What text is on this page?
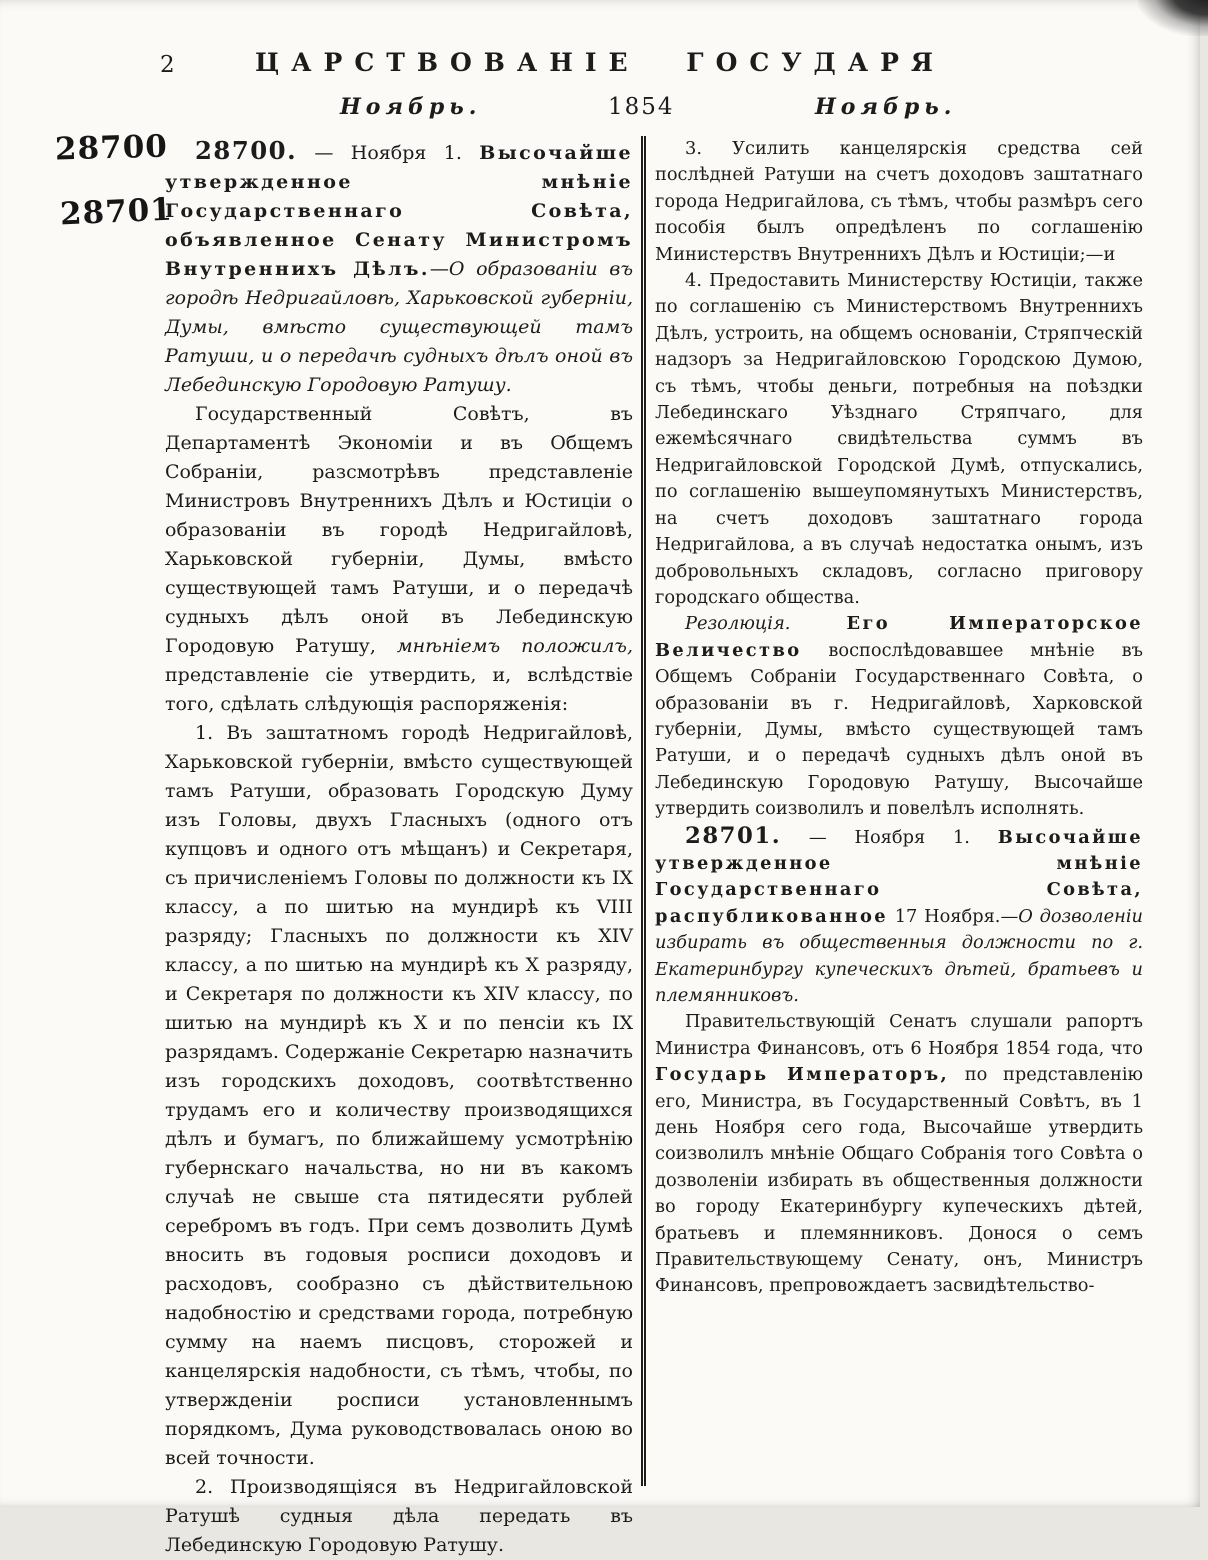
2	ЦАРСТВОВАНІЕ ГОСУДАРЯ
Ноябрь.	1854	Ноябрь.
28700
28701

28700. — Ноября 1. Высочайше утвержденное мнѣніе Государственнаго Совѣта, объявленное Сенату Министромъ Внутреннихъ Дѣлъ.—О образованіи въ городѣ Недригайловѣ, Харьковской губерніи, Думы, вмѣсто существующей тамъ Ратуши, и о передачѣ судныхъ дѣлъ оной въ Лебединскую Городовую Ратушу.

Государственный Совѣтъ, въ Департаментѣ Экономіи и въ Общемъ Собраніи, разсмотрѣвъ представленіе Министровъ Внутреннихъ Дѣлъ и Юстиціи о образованіи въ городѣ Недригайловѣ, Харьковской губерніи, Думы, вмѣсто существующей тамъ Ратуши, и о передачѣ судныхъ дѣлъ оной въ Лебединскую Городовую Ратушу, мнѣніемъ положилъ, представленіе сіе утвердить, и, вслѣдствіе того, сдѣлать слѣдующія распоряженія:

1. Въ заштатномъ городѣ Недригайловѣ, Харьковской губерніи, вмѣсто существующей тамъ Ратуши, образовать Городскую Думу изъ Головы, двухъ Гласныхъ (одного отъ купцовъ и одного отъ мѣщанъ) и Секретаря, съ причисленіемъ Головы по должности къ IX классу, а по шитью на мундирѣ къ VIII разряду; Гласныхъ по должности къ XIV классу, а по шитью на мундирѣ къ X разряду, и Секретаря по должности къ XIV классу, по шитью на мундирѣ къ X и по пенсіи къ IX разрядамъ. Содержаніе Секретарю назначить изъ городскихъ доходовъ, соотвѣтственно трудамъ его и количеству производящихся дѣлъ и бумагъ, по ближайшему усмотрѣнію губернскаго начальства, но ни въ какомъ случаѣ не свыше ста пятидесяти рублей серебромъ въ годъ. При семъ дозволить Думѣ вносить въ годовыя росписи доходовъ и расходовъ, сообразно съ дѣйствительною надобностію и средствами города, потребную сумму на наемъ писцовъ, сторожей и канцелярскія надобности, съ тѣмъ, чтобы, по утвержденіи росписи установленнымъ порядкомъ, Дума руководствовалась оною во всей точности.

2. Производящіяся въ Недригайловской Ратушѣ судныя дѣла передать въ Лебединскую Городовую Ратушу.

3. Усилить канцелярскія средства сей послѣдней Ратуши на счетъ доходовъ заштатнаго города Недригайлова, съ тѣмъ, чтобы размѣръ сего пособія былъ опредѣленъ по соглашенію Министерствъ Внутреннихъ Дѣлъ и Юстиціи;—и

4. Предоставить Министерству Юстиціи, также по соглашенію съ Министерствомъ Внутреннихъ Дѣлъ, устроить, на общемъ основаніи, Стряпческій надзоръ за Недригайловскою Городскою Думою, съ тѣмъ, чтобы деньги, потребныя на поѣздки Лебединскаго Уѣзднаго Стряпчаго, для ежемѣсячнаго свидѣтельства суммъ въ Недригайловской Городской Думѣ, отпускались, по соглашенію вышеупомянутыхъ Министерствъ, на счетъ доходовъ заштатнаго города Недригайлова, а въ случаѣ недостатка онымъ, изъ добровольныхъ складовъ, согласно приговору городскаго общества.

Резолюція.	Его Императорское Величество воспослѣдовавшее мнѣніе въ Общемъ Собраніи Государственнаго Совѣта, о образованіи въ г. Недригайловѣ, Харковской губерніи, Думы, вмѣсто существующей тамъ Ратуши, и о передачѣ судныхъ дѣлъ оной въ Лебединскую Городовую Ратушу, Высочайше утвердить соизволилъ и повелѣлъ исполнять.

28701. — Ноября 1. Высочайше утвержденное мнѣніе Государственнаго Совѣта, распубликованное 17 Ноября.—О дозволеніи избирать въ общественныя должности по г. Екатеринбургу купеческихъ дѣтей, братьевъ и племянниковъ.

Правительствующій Сенатъ слушали рапортъ Министра Финансовъ, отъ 6 Ноября 1854 года, что Государь Императоръ, по представленію его, Министра, въ Государственный Совѣтъ, въ 1 день Ноября сего года, Высочайше утвердить соизволилъ мнѣніе Общаго Собранія того Совѣта о дозволеніи избирать въ общественныя должности во городу Екатеринбургу купеческихъ дѣтей, братьевъ и племянниковъ. Донося о семъ Правительствующему Сенату, онъ, Министръ Финансовъ, препровождаетъ засвидѣтельство-
